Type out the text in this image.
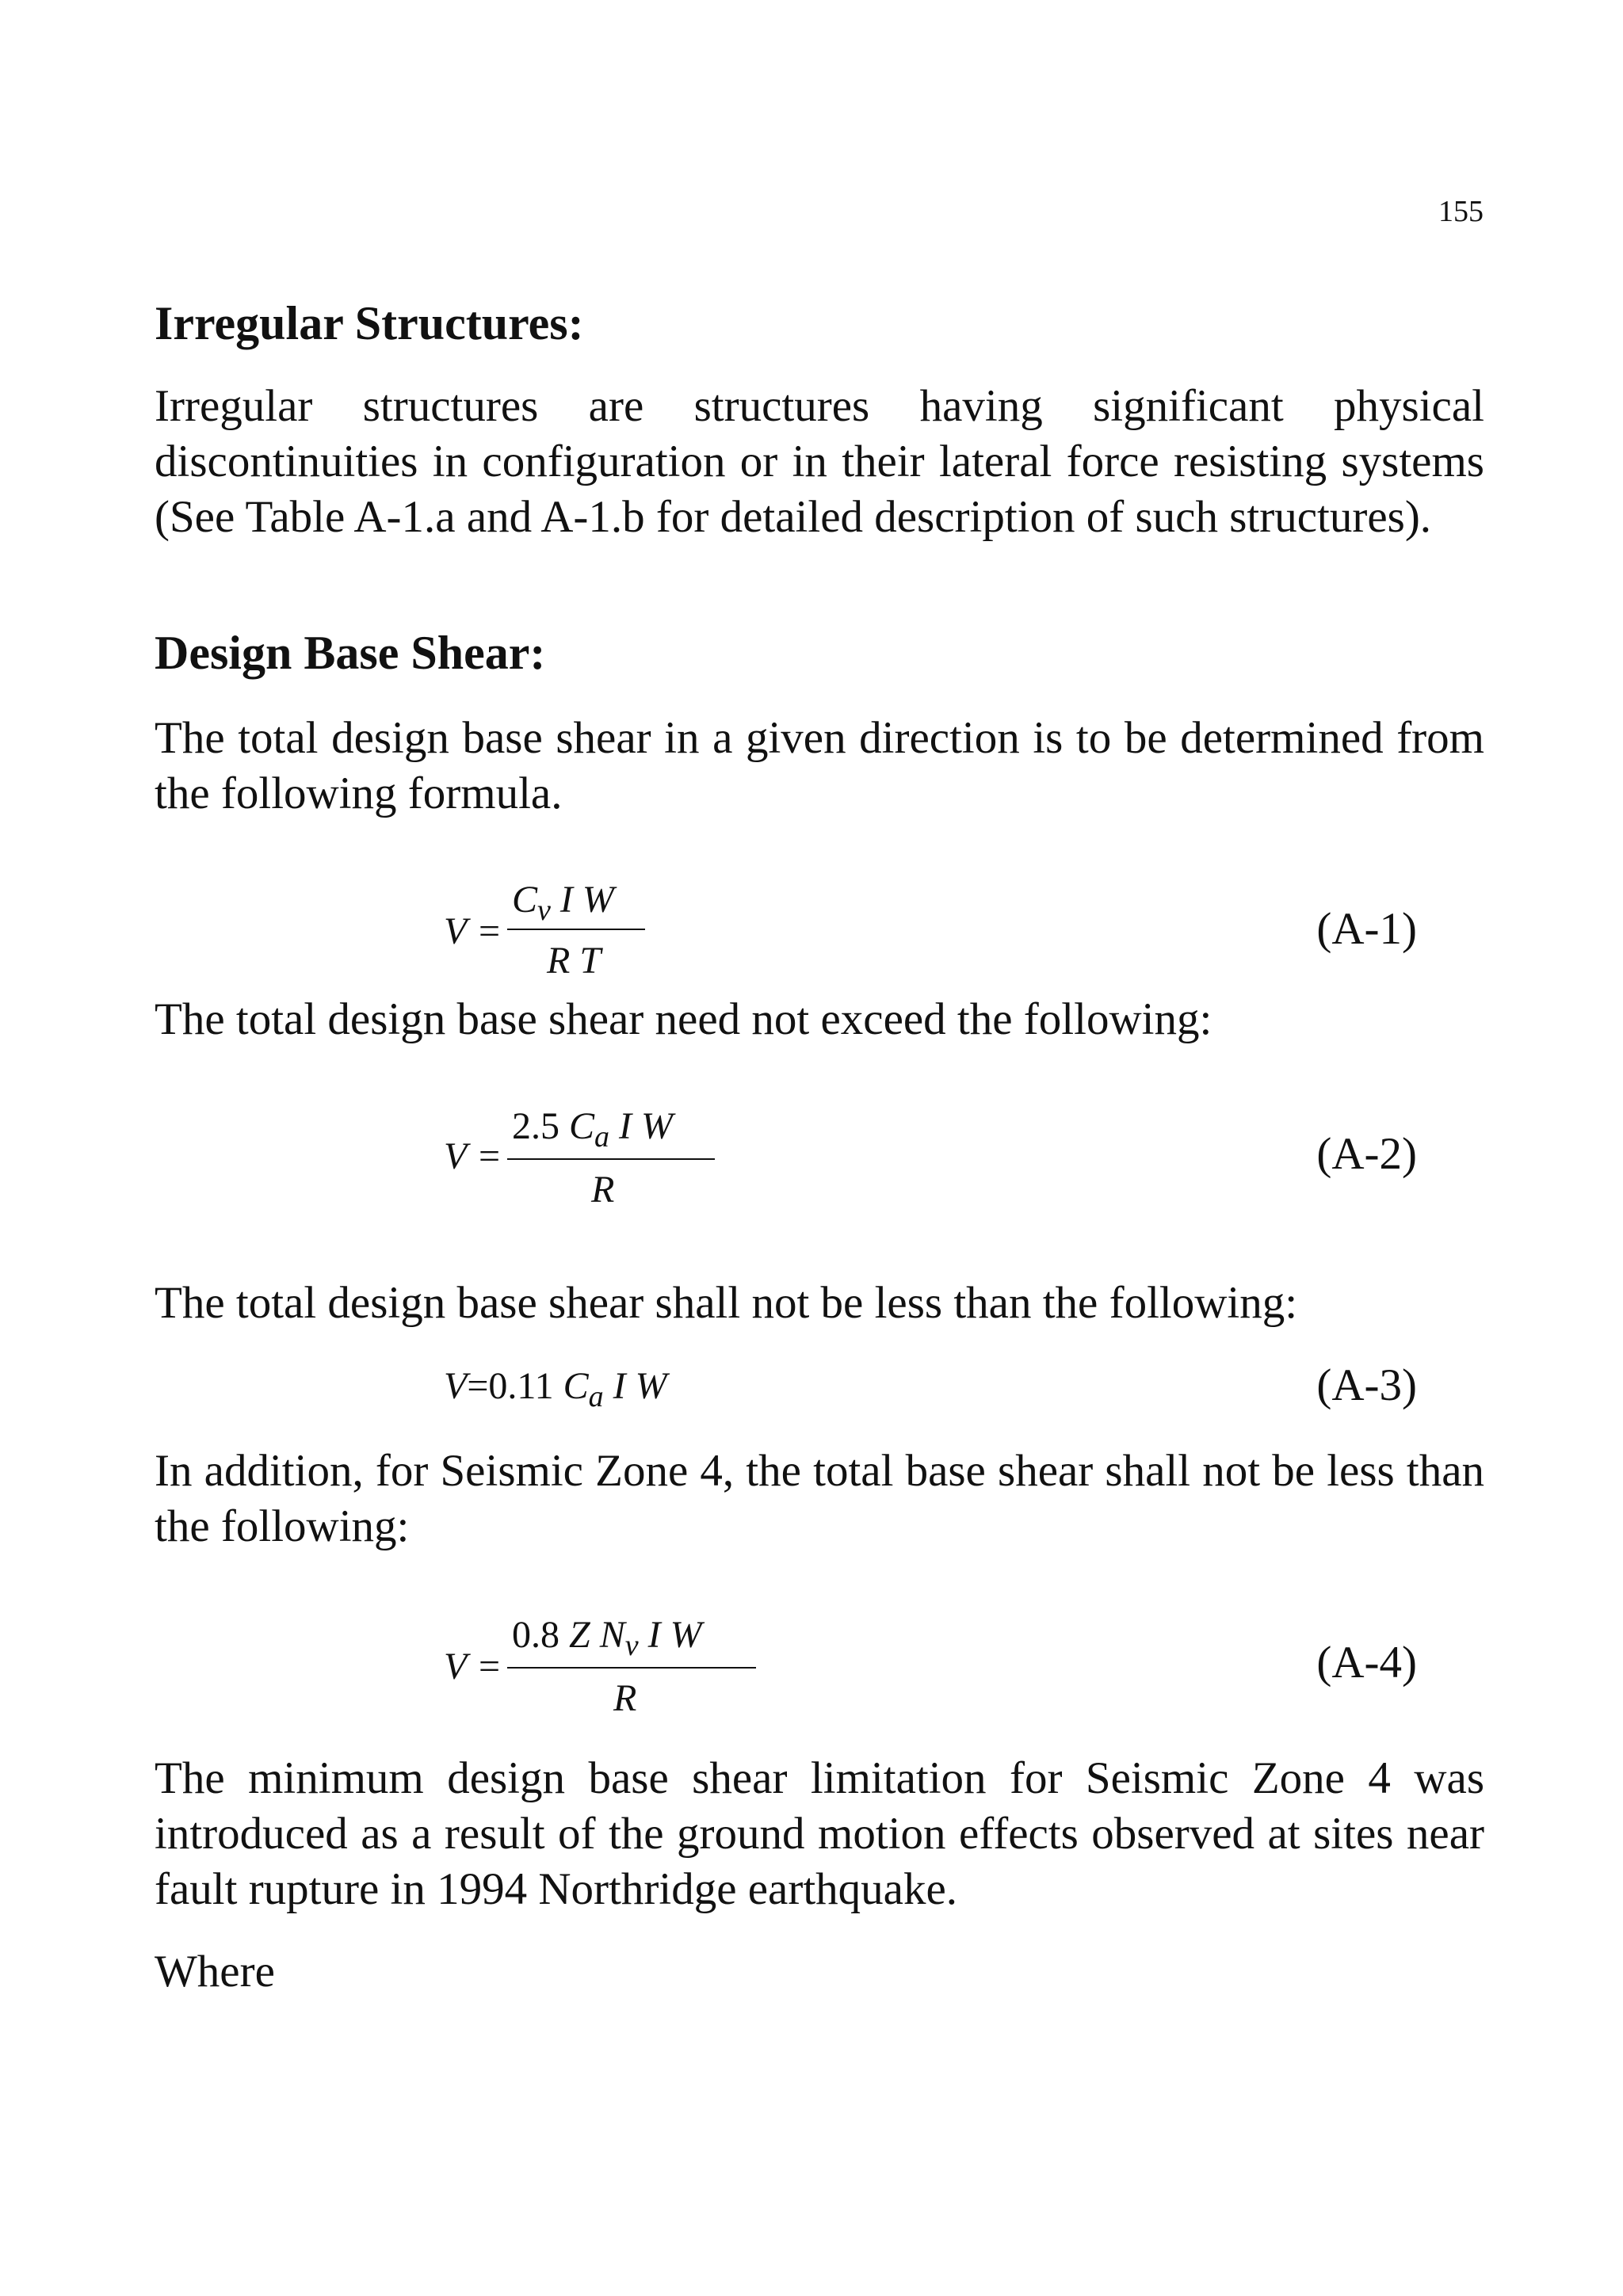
155
Irregular Structures:

Irregular structures are structures having significant physical discontinuities in configuration or in their lateral force resisting systems (See Table A-1.a and A-1.b for detailed description of such structures).

Design Base Shear:

The total design base shear in a given direction is to be determined from the following formula.

V =
$C_v$ I W
R T
(A-1)

The total design base shear need not exceed the following:

V =
2.5 $C_a$ I W
R
(A-2)

The total design base shear shall not be less than the following:

V=0.11 $C_a$ I W	(A-3)

In addition, for Seismic Zone 4, the total base shear shall not be less than the following:

V =
0.8 Z $N_v$ I W
R
(A-4)

The minimum design base shear limitation for Seismic Zone 4 was introduced as a result of the ground motion effects observed at sites near fault rupture in 1994 Northridge earthquake.

Where
